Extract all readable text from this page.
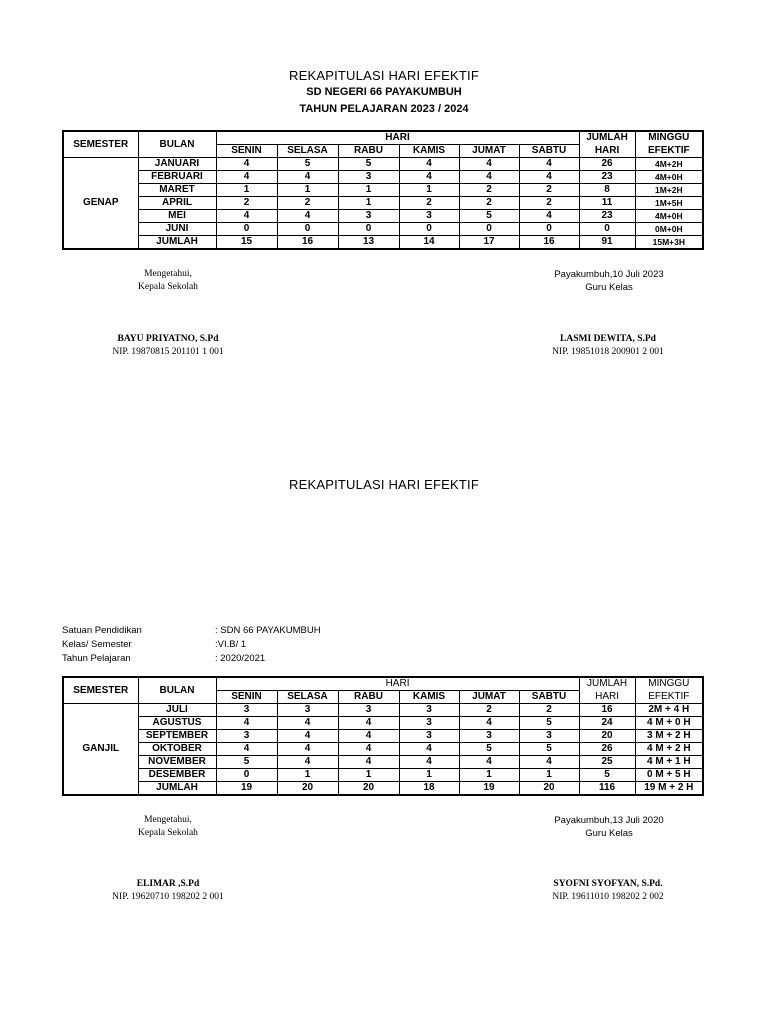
REKAPITULASI HARI EFEKTIF
SD NEGERI 66 PAYAKUMBUH
TAHUN PELAJARAN 2023 / 2024
SEMESTER	BULAN	HARI						JUMLAH	MINGGU
		SENIN	SELASA	RABU	KAMIS	JUMAT	SABTU	HARI	EFEKTIF
GENAP	JANUARI	4	5	5	4	4	4	26	4M+2H
	FEBRUARI	4	4	3	4	4	4	23	4M+0H
	MARET	1	1	1	1	2	2	8	1M+2H
	APRIL	2	2	1	2	2	2	11	1M+5H
	MEI	4	4	3	3	5	4	23	4M+0H
	JUNI	0	0	0	0	0	0	0	0M+0H
	JUMLAH	15	16	13	14	17	16	91	15M+3H
Mengetahui,
Kepala Sekolah
Payakumbuh,10 Juli 2023
Guru Kelas
BAYU PRIYATNO, S.Pd
NIP. 19870815 201101 1 001
LASMI DEWITA, S.Pd
NIP. 19851018 200901 2 001
REKAPITULASI HARI EFEKTIF
Satuan Pendidikan	: SDN 66 PAYAKUMBUH
Kelas/ Semester	:VI.B/ 1
Tahun Pelajaran	: 2020/2021
SEMESTER	BULAN	HARI						JUMLAH	MINGGU
		SENIN	SELASA	RABU	KAMIS	JUMAT	SABTU	HARI	EFEKTIF
GANJIL	JULI	3	3	3	3	2	2	16	2M + 4 H
	AGUSTUS	4	4	4	3	4	5	24	4 M + 0 H
	SEPTEMBER	3	4	4	3	3	3	20	3 M + 2 H
	OKTOBER	4	4	4	4	5	5	26	4 M + 2 H
	NOVEMBER	5	4	4	4	4	4	25	4 M + 1 H
	DESEMBER	0	1	1	1	1	1	5	0 M + 5 H
	JUMLAH	19	20	20	18	19	20	116	19 M + 2 H
Mengetahui,
Kepala Sekolah
Payakumbuh,13 Juli 2020
Guru Kelas
ELIMAR ,S.Pd
NIP. 19620710 198202 2 001
SYOFNI SYOFYAN, S.Pd.
NIP. 19611010 198202 2 002
